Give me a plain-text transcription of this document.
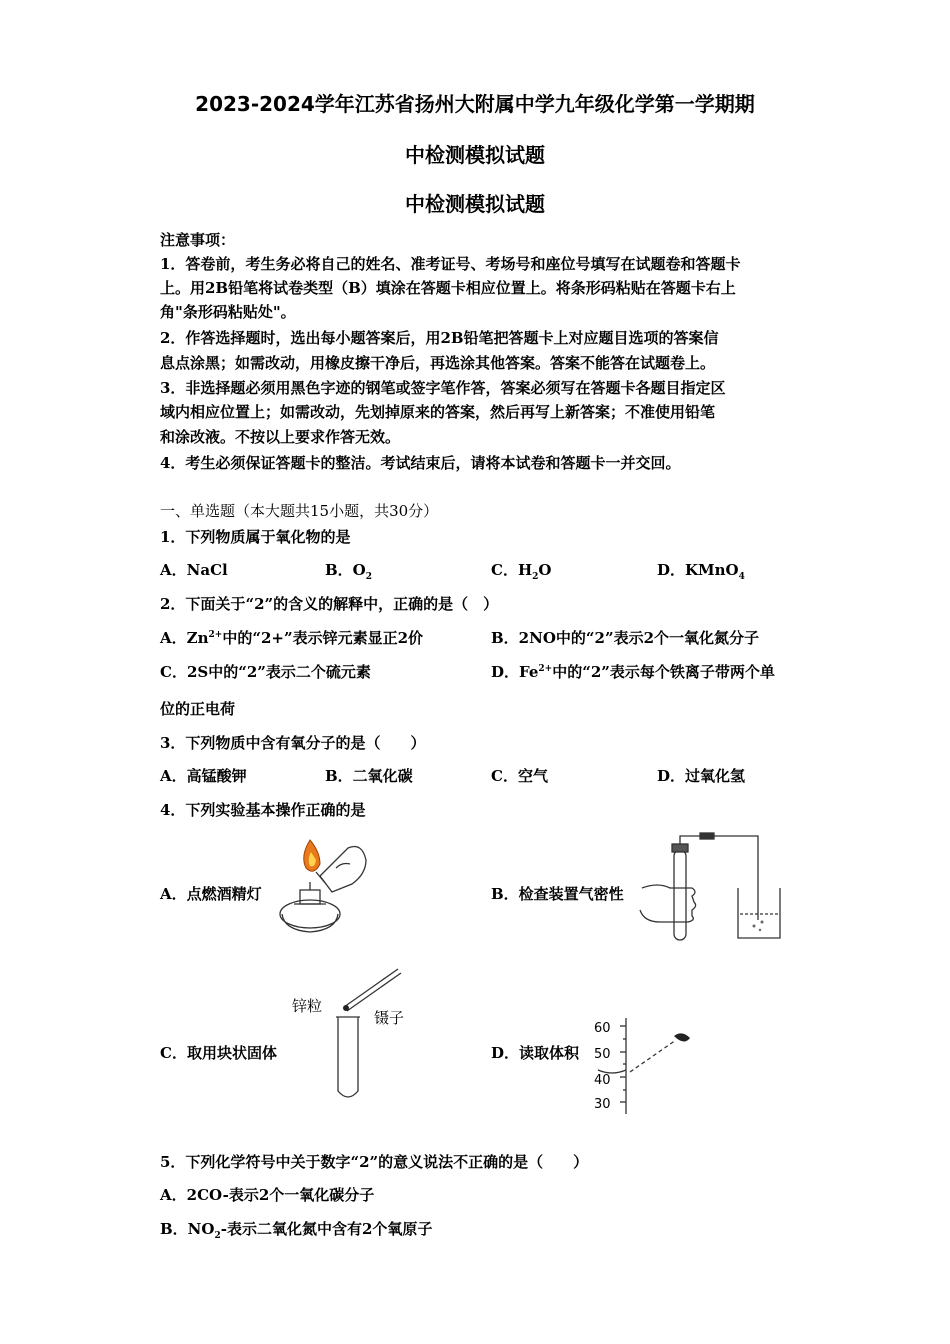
2023-2024学年江苏省扬州大附属中学九年级化学第一学期期
中检测模拟试题
中检测模拟试题
注意事项：
1．答卷前，考生务必将自己的姓名、准考证号、考场号和座位号填写在试题卷和答题卡
上。用2B铅笔将试卷类型（B）填涂在答题卡相应位置上。将条形码粘贴在答题卡右上
角"条形码粘贴处"。
2．作答选择题时，选出每小题答案后，用2B铅笔把答题卡上对应题目选项的答案信
息点涂黑；如需改动，用橡皮擦干净后，再选涂其他答案。答案不能答在试题卷上。
3．非选择题必须用黑色字迹的钢笔或签字笔作答，答案必须写在答题卡各题目指定区
域内相应位置上；如需改动，先划掉原来的答案，然后再写上新答案；不准使用铅笔
和涂改液。不按以上要求作答无效。
4．考生必须保证答题卡的整洁。考试结束后，请将本试卷和答题卡一并交回。
一、单选题（本大题共15小题，共30分）
1．下列物质属于氧化物的是
A．NaCl	B．$O_2$	C．$H_2O$	D．KMnO$_4$
2．下面关于“2”的含义的解释中，正确的是（　）
A．$Zn^{2+}$中的“2+”表示锌元素显正2价	B．2NO中的“2”表示2个一氧化氮分子
C．2S中的“2”表示二个硫元素	D．$Fe^{2+}$中的“2”表示每个铁离子带两个单
位的正电荷
3．下列物质中含有氧分子的是（　　）
A．高锰酸钾	B．二氧化碳	C．空气	D．过氧化氢
4．下列实验基本操作正确的是
A．点燃酒精灯	B．检查装置气密性
C．取用块状固体	D．读取体积
锌粒
镊子
60
50
40
30
5．下列化学符号中关于数字“2”的意义说法不正确的是（　　）
A．2CO-表示2个一氧化碳分子
B．$NO_2-$表示二氧化氮中含有2个氧原子
